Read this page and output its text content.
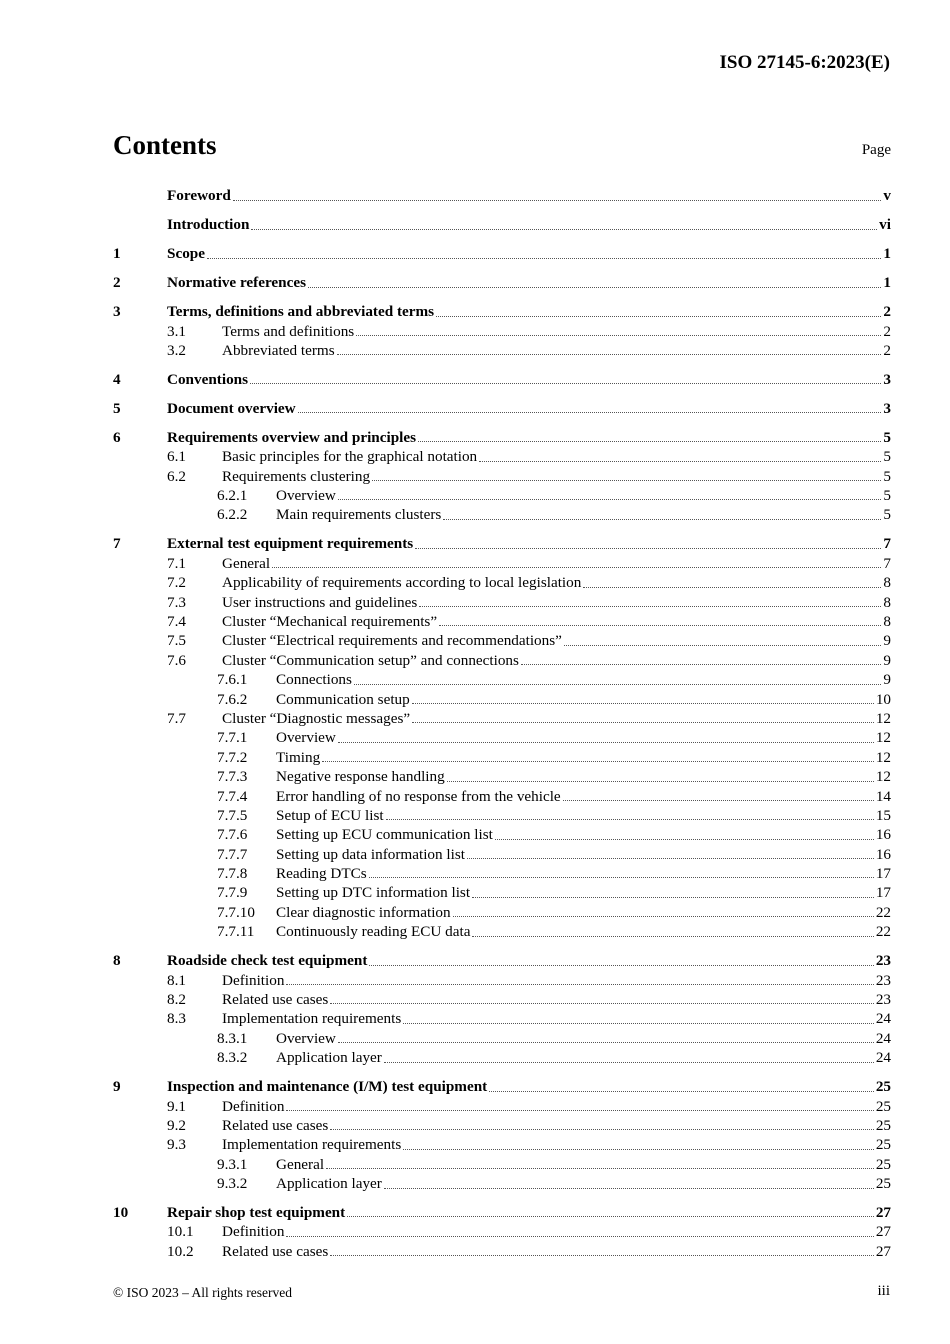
ISO 27145-6:2023(E)
Contents	Page
Foreword	v
Introduction	vi
1	Scope	1
2	Normative references	1
3	Terms, definitions and abbreviated terms	2
3.1	Terms and definitions	2
3.2	Abbreviated terms	2
4	Conventions	3
5	Document overview	3
6	Requirements overview and principles	5
6.1	Basic principles for the graphical notation	5
6.2	Requirements clustering	5
6.2.1	Overview	5
6.2.2	Main requirements clusters	5
7	External test equipment requirements	7
7.1	General	7
7.2	Applicability of requirements according to local legislation	8
7.3	User instructions and guidelines	8
7.4	Cluster “Mechanical requirements”	8
7.5	Cluster “Electrical requirements and recommendations”	9
7.6	Cluster “Communication setup” and connections	9
7.6.1	Connections	9
7.6.2	Communication setup	10
7.7	Cluster “Diagnostic messages”	12
7.7.1	Overview	12
7.7.2	Timing	12
7.7.3	Negative response handling	12
7.7.4	Error handling of no response from the vehicle	14
7.7.5	Setup of ECU list	15
7.7.6	Setting up ECU communication list	16
7.7.7	Setting up data information list	16
7.7.8	Reading DTCs	17
7.7.9	Setting up DTC information list	17
7.7.10	Clear diagnostic information	22
7.7.11	Continuously reading ECU data	22
8	Roadside check test equipment	23
8.1	Definition	23
8.2	Related use cases	23
8.3	Implementation requirements	24
8.3.1	Overview	24
8.3.2	Application layer	24
9	Inspection and maintenance (I/M) test equipment	25
9.1	Definition	25
9.2	Related use cases	25
9.3	Implementation requirements	25
9.3.1	General	25
9.3.2	Application layer	25
10	Repair shop test equipment	27
10.1	Definition	27
10.2	Related use cases	27
© ISO 2023 – All rights reserved	iii
